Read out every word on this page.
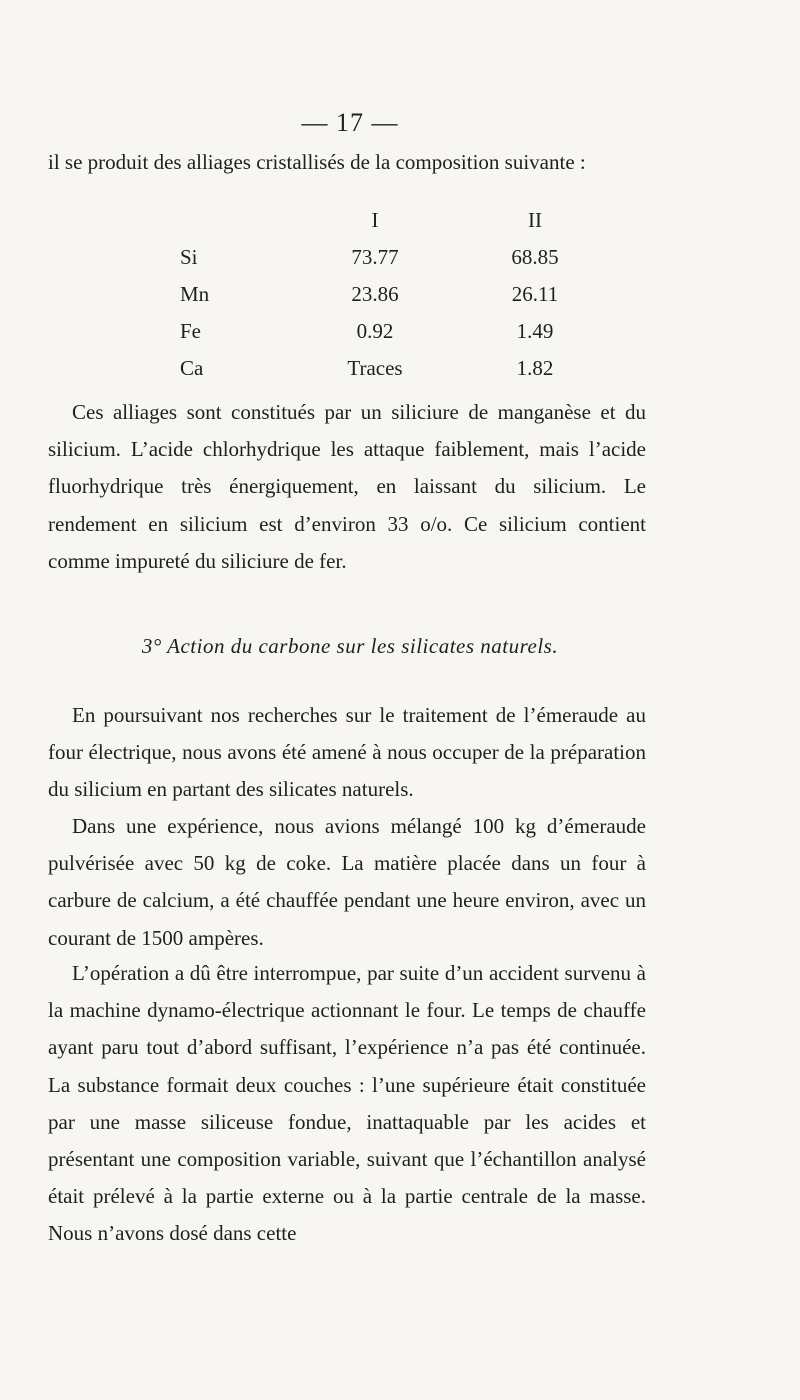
— 17 —
il se produit des alliages cristallisés de la composition suivante :
	I	II
Si	73.77	68.85
Mn	23.86	26.11
Fe	0.92	1.49
Ca	Traces	1.82

Ces alliages sont constitués par un siliciure de manganèse et du silicium. L’acide chlorhydrique les attaque faiblement, mais l’acide fluorhydrique très énergiquement, en laissant du silicium. Le rendement en silicium est d’environ 33 o/o. Ce silicium contient comme impureté du siliciure de fer.

3° Action du carbone sur les silicates naturels.

En poursuivant nos recherches sur le traitement de l’émeraude au four électrique, nous avons été amené à nous occuper de la préparation du silicium en partant des silicates naturels.

Dans une expérience, nous avions mélangé 100 kg d’émeraude pulvérisée avec 50 kg de coke. La matière placée dans un four à carbure de calcium, a été chauffée pendant une heure environ, avec un courant de 1500 ampères.

L’opération a dû être interrompue, par suite d’un accident survenu à la machine dynamo-électrique actionnant le four. Le temps de chauffe ayant paru tout d’abord suffisant, l’expérience n’a pas été continuée. La substance formait deux couches : l’une supérieure était constituée par une masse siliceuse fondue, inattaquable par les acides et présentant une composition variable, suivant que l’échantillon analysé était prélevé à la partie externe ou à la partie centrale de la masse. Nous n’avons dosé dans cette
